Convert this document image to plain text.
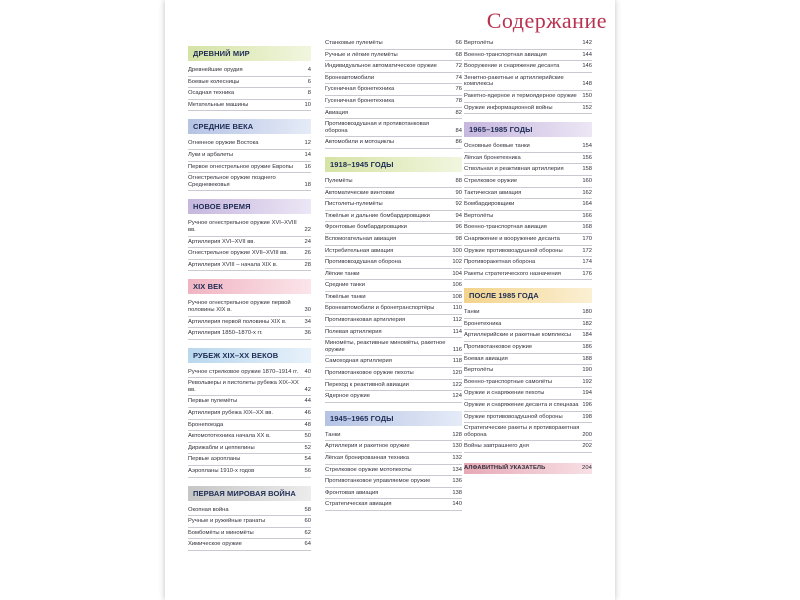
Содержание
ДРЕВНИЙ МИР
Древнейшие орудия	4
Боевые колесницы	6
Осадная техника	8
Метательные машины	10
СРЕДНИЕ ВЕКА
Огненное оружие Востока	12
Луки и арбалеты	14
Первое огнестрельное оружие Европы	16
Огнестрельное оружие позднего Средневековья	18
НОВОЕ ВРЕМЯ
Ручное огнестрельное оружие XVI–XVIII вв.	22
Артиллерия XVI–XVII вв.	24
Огнестрельное оружие XVII–XVIII вв.	26
Артиллерия XVIII – начала XIX в.	28
XIX ВЕК
Ручное огнестрельное оружие первой половины XIX в.	30
Артиллерия первой половины XIX в.	34
Артиллерия 1850–1870-х гг.	36
РУБЕЖ XIX–XX ВЕКОВ
Ручное стрелковое оружие 1870–1914 гг.	40
Револьверы и пистолеты рубежа XIX–XX вв.	42
Первые пулемёты	44
Артиллерия рубежа XIX–XX вв.	46
Бронепоезда	48
Автомототехника начала XX в.	50
Дирижабли и цеппелины	52
Первые аэропланы	54
Аэропланы 1910-х годов	56
ПЕРВАЯ МИРОВАЯ ВОЙНА
Окопная война	58
Ручные и ружейные гранаты	60
Бомбомёты и миномёты	62
Химическое оружие	64
Станковые пулемёты	66
Ручные и лёгкие пулемёты	68
Индивидуальное автоматическое оружие	72
Бронеавтомобили	74
Гусеничная бронетехника	76
Гусеничная бронетехника	78
Авиация	82
Противовоздушная и противотанковая оборона	84
Автомобили и мотоциклы	86
1918–1945 ГОДЫ
Пулемёты	88
Автоматические винтовки	90
Пистолеты-пулемёты	92
Тяжёлые и дальние бомбардировщики	94
Фронтовые бомбардировщики	96
Вспомогательная авиация	98
Истребительная авиация	100
Противовоздушная оборона	102
Лёгкие танки	104
Средние танки	106
Тяжёлые танки	108
Бронеавтомобили и бронетранспортёры	110
Противотанковая артиллерия	112
Полевая артиллерия	114
Миномёты, реактивные миномёты, ракетное оружие	116
Самоходная артиллерия	118
Противотанковое оружие пехоты	120
Переход к реактивной авиации	122
Ядерное оружие	124
1945–1965 ГОДЫ
Танки	128
Артиллерия и ракетное оружие	130
Лёгкая бронированная техника	132
Стрелковое оружие мотопехоты	134
Противотанковое управляемое оружие	136
Фронтовая авиация	138
Стратегическая авиация	140
Вертолёты	142
Военно-транспортная авиация	144
Вооружение и снаряжение десанта	146
Зенитно-ракетные и артиллерийские комплексы	148
Ракетно-ядерное и термоядерное оружие 150
Оружие информационной войны	152
1965–1985 ГОДЫ
Основные боевые танки	154
Лёгкая бронетехника	156
Ствольная и реактивная артиллерия	158
Стрелковое оружие	160
Тактическая авиация	162
Бомбардировщики	164
Вертолёты	166
Военно-транспортная авиация	168
Снаряжение и вооружение десанта	170
Оружие противовоздушной обороны	172
Противоракетная оборона	174
Ракеты стратегического назначения	176
ПОСЛЕ 1985 ГОДА
Танки	180
Бронетехника	182
Артиллерийские и ракетные комплексы	184
Противотанковое оружие	186
Боевая авиация	188
Вертолёты	190
Военно-транспортные самолёты	192
Оружие и снаряжение пехоты	194
Оружие и снаряжение десанта и спецназа 196
Оружие противовоздушной обороны	198
Стратегические ракеты и противоракетная оборона	200
Войны завтрашнего дня	202
АЛФАВИТНЫЙ УКАЗАТЕЛЬ	204
